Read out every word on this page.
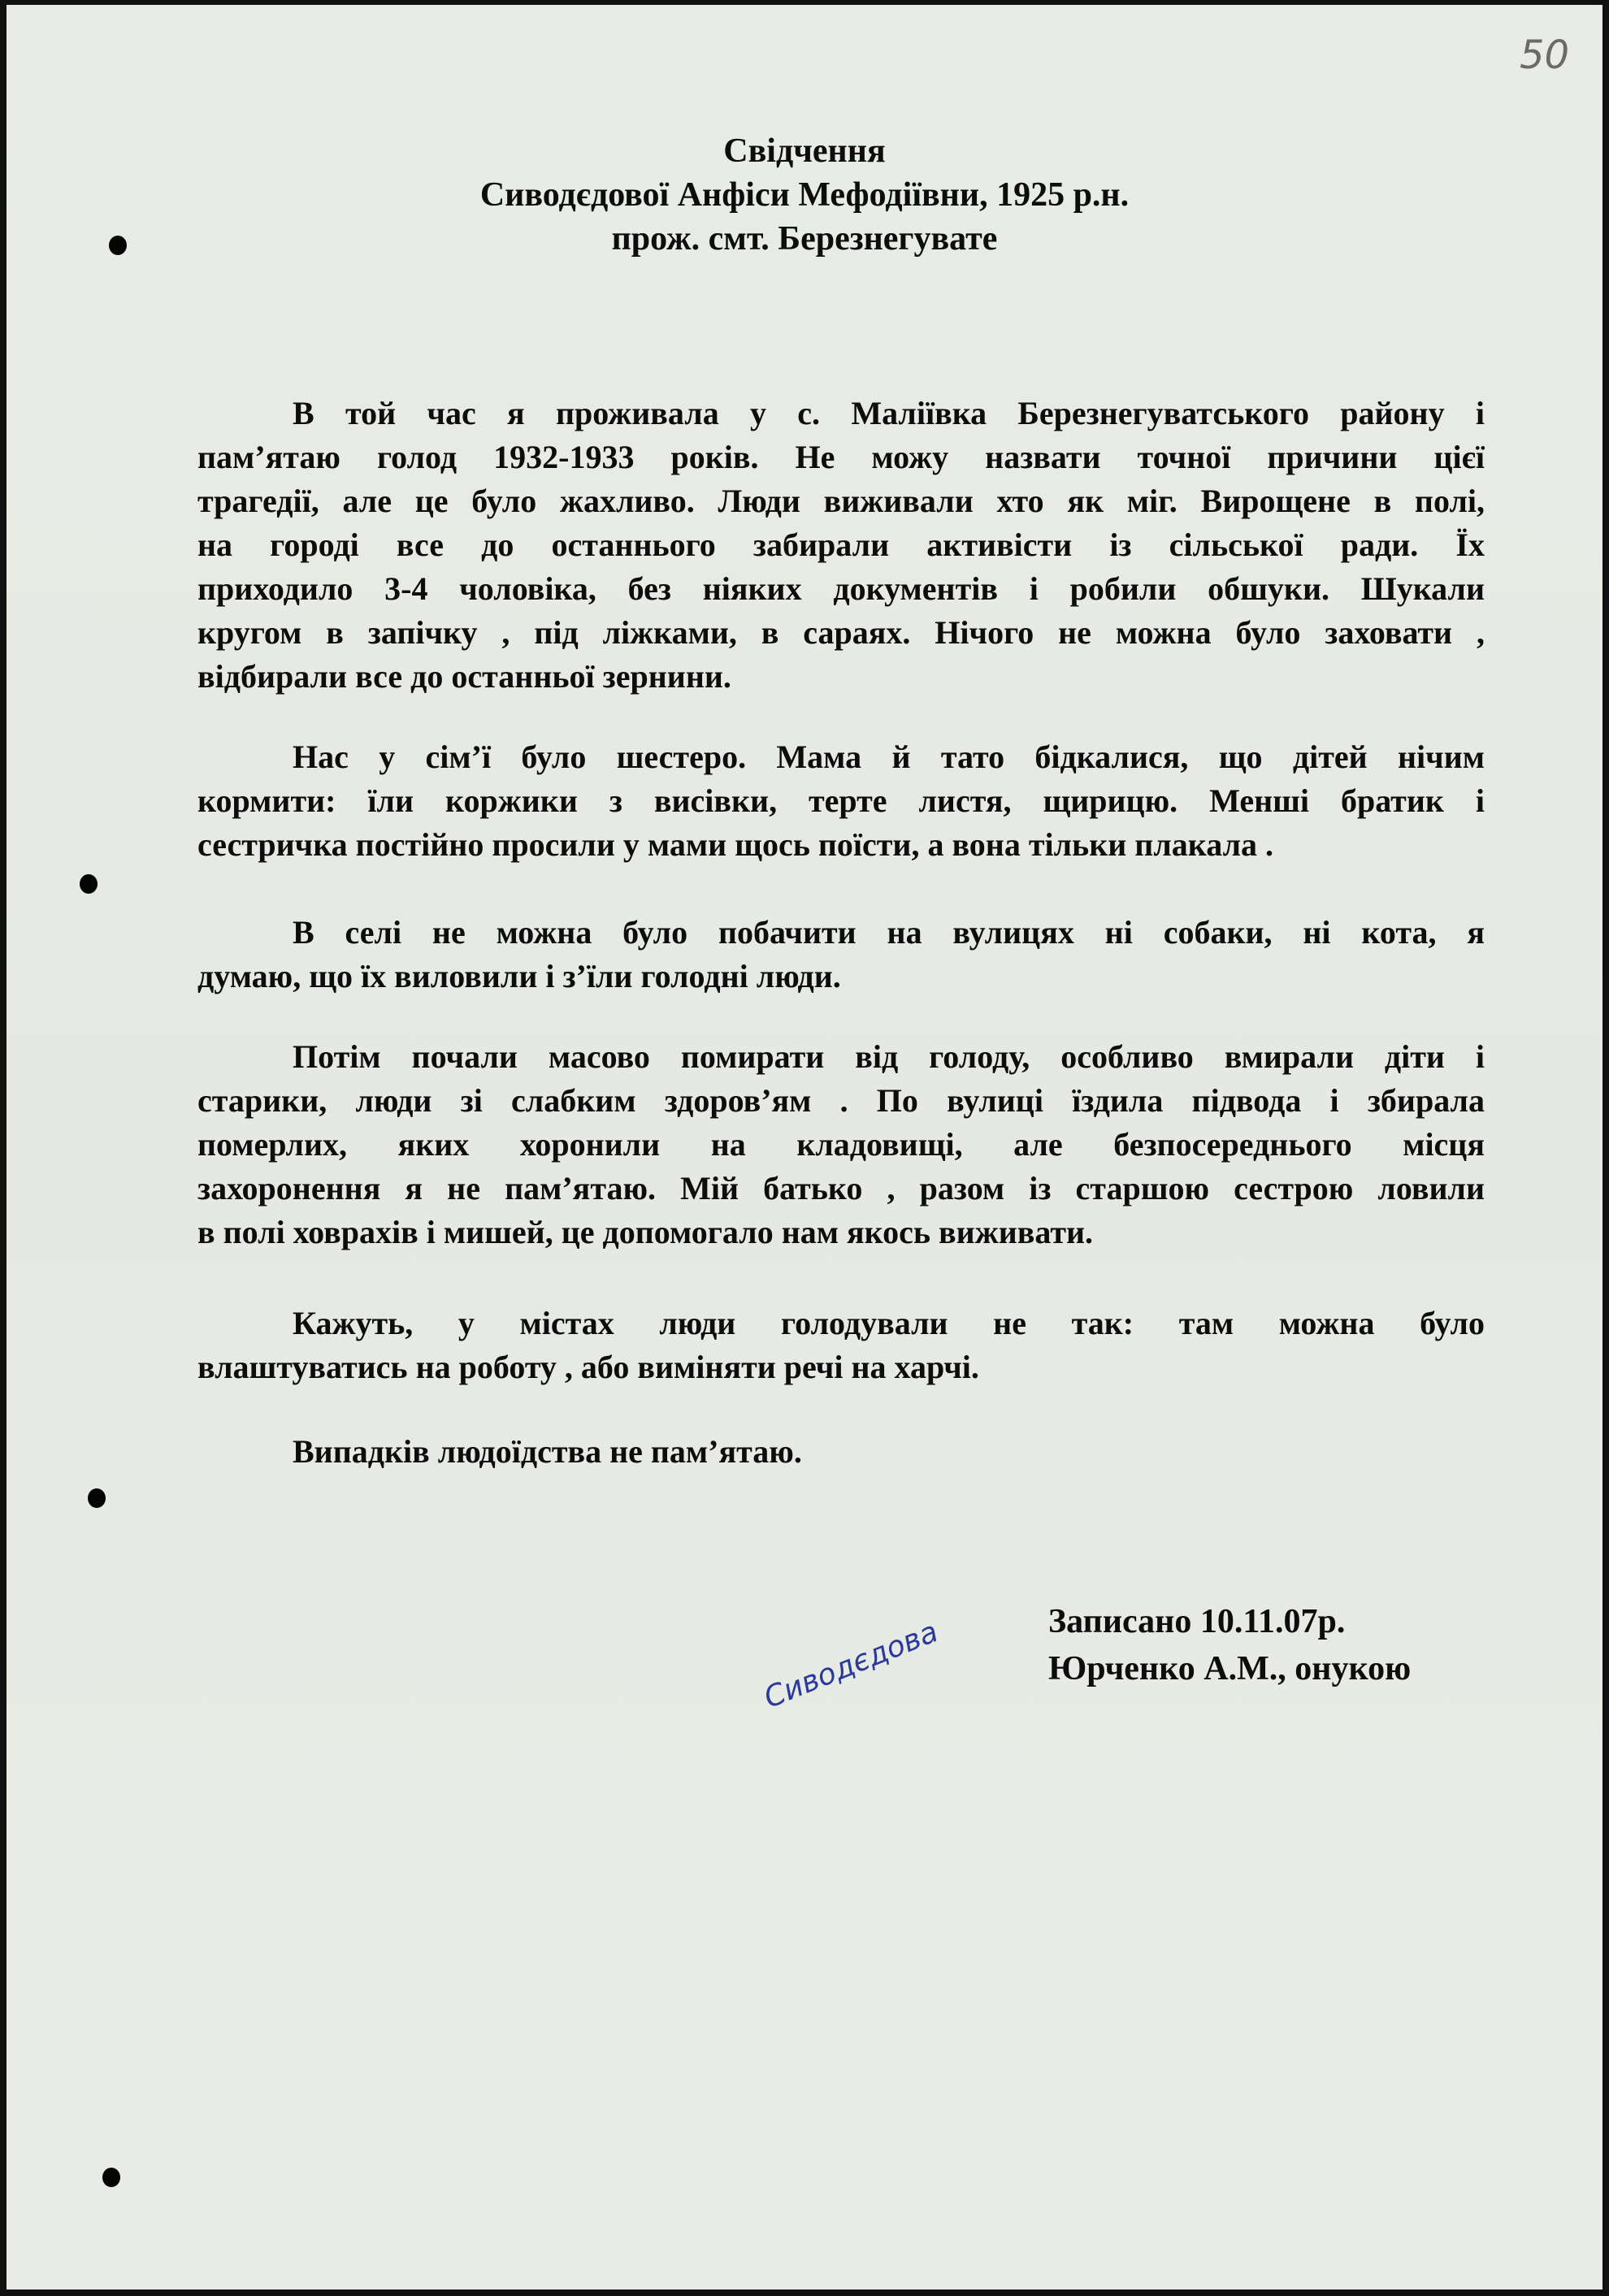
50
Свідчення
Сиводєдової Анфіси Мефодіївни, 1925 р.н.
прож. смт. Березнегувате
В той час я проживала у с. Маліївка Березнегуватського району і
пам’ятаю голод 1932-1933 років. Не можу назвати точної причини цієї
трагедії, але це було жахливо. Люди виживали хто як міг. Вирощене в полі,
на городі все до останнього забирали активісти із сільської ради. Їх
приходило 3-4 чоловіка, без ніяких документів і робили обшуки. Шукали
кругом в запічку , під ліжками, в сараях. Нічого не можна було заховати ,
відбирали все до останньої зернини.
Нас у сім’ї було шестеро. Мама й тато бідкалися, що дітей нічим
кормити: їли коржики з висівки, терте листя, щирицю. Менші братик і
сестричка постійно просили у мами щось поїсти, а вона тільки плакала .
В селі не можна було побачити на вулицях ні собаки, ні кота, я
думаю, що їх виловили і з’їли голодні люди.
Потім почали масово помирати від голоду, особливо вмирали діти і
старики, люди зі слабким здоров’ям . По вулиці їздила підвода і збирала
померлих, яких хоронили на кладовищі, але безпосереднього місця
захоронення я не пам’ятаю. Мій батько , разом із старшою сестрою ловили
в полі ховрахів і мишей, це допомогало нам якось виживати.
Кажуть, у містах люди голодували не так: там можна було
влаштуватись на роботу , або виміняти речі на харчі.
Випадків людоїдства не пам’ятаю.
Записано 10.11.07р.
Юрченко А.М., онукою
Сиводєдова
